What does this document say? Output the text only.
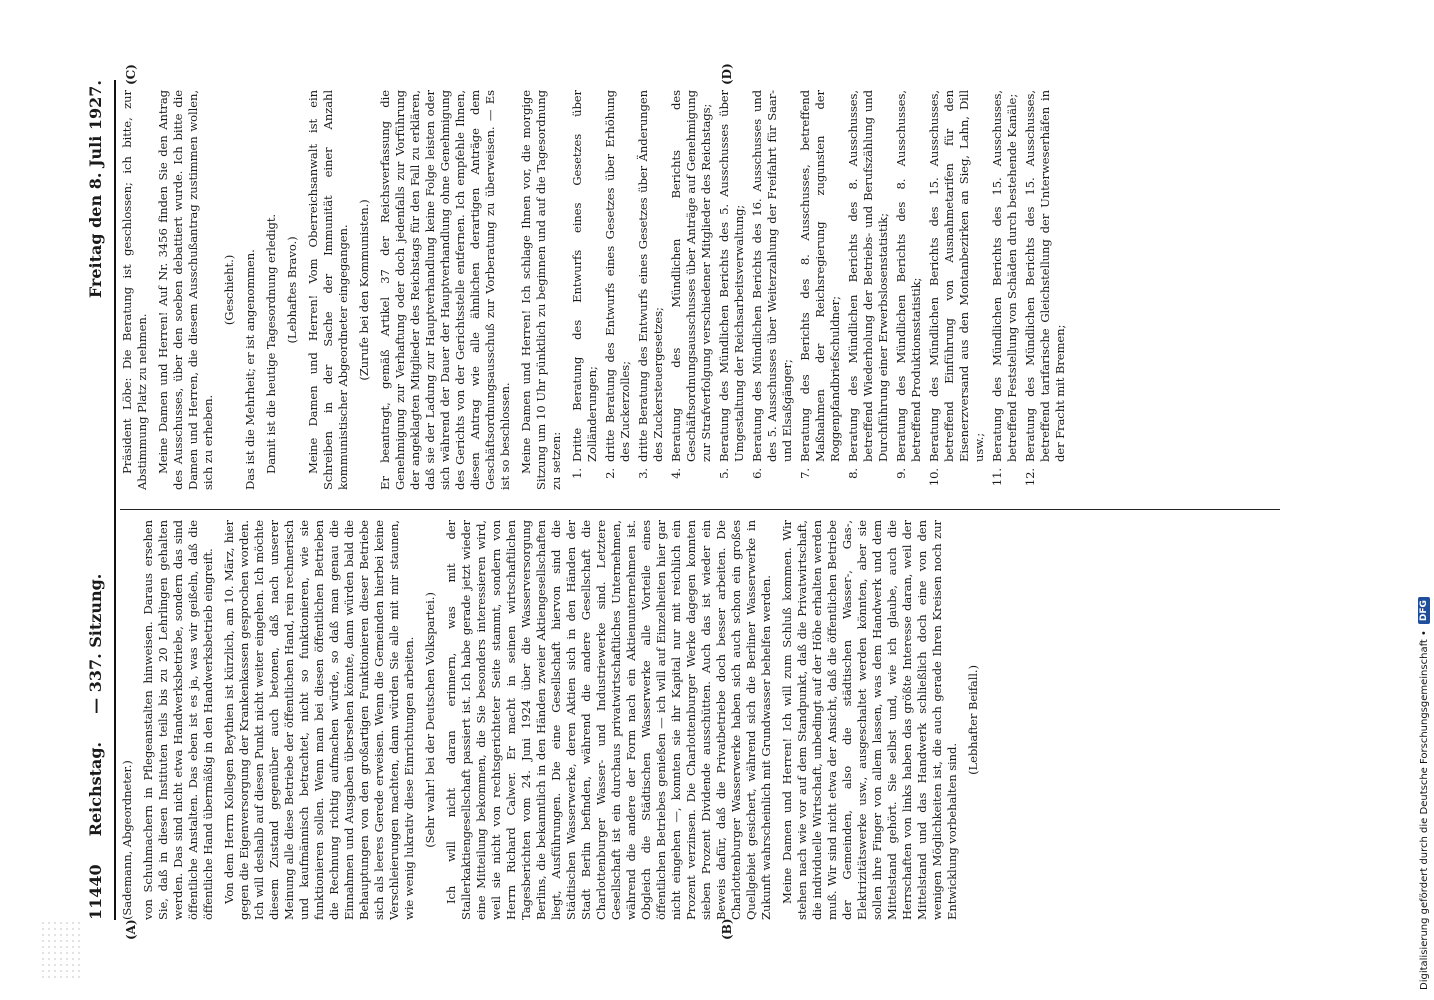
11440
Reichstag.
— 337. Sitzung.
Freitag den 8. Juli 1927.
(A)	(B)
(C)	(D)

(Sademann, Abgeordneter.) von Schuhmachern in Pflegeanstalten hinweisen. Daraus ersehen Sie, daß in diesen Instituten teils bis zu 20 Lehrlingen gehalten werden. Das sind nicht etwa Handwerksbetriebe, sondern das sind öffentliche Anstalten. Das eben ist es ja, was wir geißeln, daß die öffentliche Hand übermäßig in den Handwerksbetrieb eingreift. Von dem Herrn Kollegen Beythien ist kürzlich, am 10. März, hier gegen die Eigenversorgung der Krankenkassen gesprochen worden. Ich will deshalb auf diesen Punkt nicht weiter eingehen. Ich möchte diesem Zustand gegenüber auch betonen, daß nach unserer Meinung alle diese Betriebe der öffentlichen Hand, rein rechnerisch und kaufmännisch betrachtet, nicht so funktionieren, wie sie funktionieren sollen. Wenn man bei diesen öffentlichen Betrieben die Rechnung richtig aufmachen würde, so daß man genau die Einnahmen und Ausgaben übersehen könnte, dann würden bald die Behauptungen von den großartigen Funktionieren dieser Betriebe sich als leeres Gerede erweisen. Wenn die Gemeinden hierbei keine Verschleierungen machten, dann würden Sie alle mit mir staunen, wie wenig lukrativ diese Einrichtungen arbeiten. (Sehr wahr! bei der Deutschen Volkspartei.) Ich will nicht daran erinnern, was mit der Stallerkaktiengesellschaft passiert ist. Ich habe gerade jetzt wieder eine Mitteilung bekommen, die Sie besonders interessieren wird, weil sie nicht von rechtsgerichteter Seite stammt, sondern von Herrn Richard Calwer. Er macht in seinen wirtschaftlichen Tagesberichten vom 24. Juni 1924 über die Wasserversorgung Berlins, die bekanntlich in den Händen zweier Aktiengesellschaften liegt, Ausführungen. Die eine Gesellschaft hiervon sind die Städtischen Wasserwerke, deren Aktien sich in den Händen der Stadt Berlin befinden, während die andere Gesellschaft die Charlottenburger Wasser- und Industriewerke sind. Letztere Gesellschaft ist ein durchaus privatwirtschaftliches Unternehmen, während die andere der Form nach ein Aktienunternehmen ist. Obgleich die Städtischen Wasserwerke alle Vorteile eines öffentlichen Betriebes genießen — ich will auf Einzelheiten hier gar nicht eingehen —, konnten sie ihr Kapital nur mit reichlich ein Prozent verzinsen. Die Charlottenburger Werke dagegen konnten sieben Prozent Dividende ausschütten. Auch das ist wieder ein Beweis dafür, daß die Privatbetriebe doch besser arbeiten. Die Charlottenburger Wasserwerke haben sich auch schon ein großes Quellgebiet gesichert, während sich die Berliner Wasserwerke in Zukunft wahrscheinlich mit Grundwasser behelfen werden. Meine Damen und Herren! Ich will zum Schluß kommen. Wir stehen nach wie vor auf dem Standpunkt, daß die Privatwirtschaft, die individuelle Wirtschaft, unbedingt auf der Höhe erhalten werden muß. Wir sind nicht etwa der Ansicht, daß die öffentlichen Betriebe der Gemeinden, also die städtischen Wasser-, Gas-, Elektrizitätswerke usw., ausgeschaltet werden könnten, aber sie sollen ihre Finger von allem lassen, was dem Handwerk und dem Mittelstand gehört. Sie selbst und, wie ich glaube, auch die Herrschaften von links haben das größte Interesse daran, weil der Mittelstand und das Handwerk schließlich doch eine von den wenigen Möglichkeiten ist, die auch gerade Ihren Kreisen noch zur Entwicklung vorbehalten sind.

(Lebhafter Beifall.)

Präsident Löbe: Die Beratung ist geschlossen; ich bitte, zur Abstimmung Platz zu nehmen. Meine Damen und Herren! Auf Nr. 3456 finden Sie den Antrag des Ausschusses, über den soeben debattiert wurde. Ich bitte die Damen und Herren, die diesem Ausschußantrag zustimmen wollen, sich zu erheben.

(Geschieht.) Das ist die Mehrheit; er ist angenommen. Damit ist die heutige Tagesordnung erledigt. (Lebhaftes Bravo.) Meine Damen und Herren! Vom Oberreichsanwalt ist ein Schreiben in der Sache der Immunität einer Anzahl kommunistischer Abgeordneter eingegangen. (Zurufe bei den Kommunisten.) Er beantragt, gemäß Artikel 37 der Reichsverfassung die Genehmigung zur Verhaftung oder doch jedenfalls zur Vorführung der angeklagten Mitglieder des Reichstags für den Fall zu erklären, daß sie der Ladung zur Hauptverhandlung keine Folge leisten oder sich während der Dauer der Hauptverhandlung ohne Genehmigung des Gerichts von der Gerichtsstelle entfernen. Ich empfehle Ihnen, diesen Antrag wie alle ähnlichen derartigen Anträge dem Geschäftsordnungsausschuß zur Vorberatung zu überweisen. — Es ist so beschlossen. Meine Damen und Herren! Ich schlage Ihnen vor, die morgige Sitzung um 10 Uhr pünktlich zu beginnen und auf die Tagesordnung zu setzen: 1.
Dritte Beratung des Entwurfs eines Gesetzes über Zolländerungen;
2.
dritte Beratung des Entwurfs eines Gesetzes über Erhöhung des Zuckerzolles;
3.
dritte Beratung des Entwurfs eines Gesetzes über Änderungen des Zuckersteuergesetzes;
4.
Beratung des Mündlichen Berichts des Geschäftsordnungsausschusses über Anträge auf Genehmigung zur Strafverfolgung verschiedener Mitglieder des Reichstags;
5.
Beratung des Mündlichen Berichts des 5. Ausschusses über Umgestaltung der Reichsarbeitsverwaltung;
6.
Beratung des Mündlichen Berichts des 16. Ausschusses und des 5. Ausschusses über Weiterzahlung der Freifahrt für Saar- und Elsaßgänger;
7.
Beratung des Berichts des 8. Ausschusses, betreffend Maßnahmen der Reichsregierung zugunsten der Roggenpfandbriefschuldner;
8.
Beratung des Mündlichen Berichts des 8. Ausschusses, betreffend Wiederholung der Betriebs- und Berufszählung und Durchführung einer Erwerbslosenstatistik;
9.
Beratung des Mündlichen Berichts des 8. Ausschusses, betreffend Produktionsstatistik;
10.
Beratung des Mündlichen Berichts des 15. Ausschusses, betreffend Einführung von Ausnahmetarifen für den Eisenerzversand aus den Montanbezirken an Sieg, Lahn, Dill usw.;
11.
Beratung des Mündlichen Berichts des 15. Ausschusses, betreffend Feststellung von Schäden durch bestehende Kanäle;
12.
Beratung des Mündlichen Berichts des 15. Ausschusses, betreffend tarifarische Gleichstellung der Unterweserhäfen in der Fracht mit Bremen;
Digitalisierung gefördert durch die Deutsche Forschungsgemeinschaft •
DFG
